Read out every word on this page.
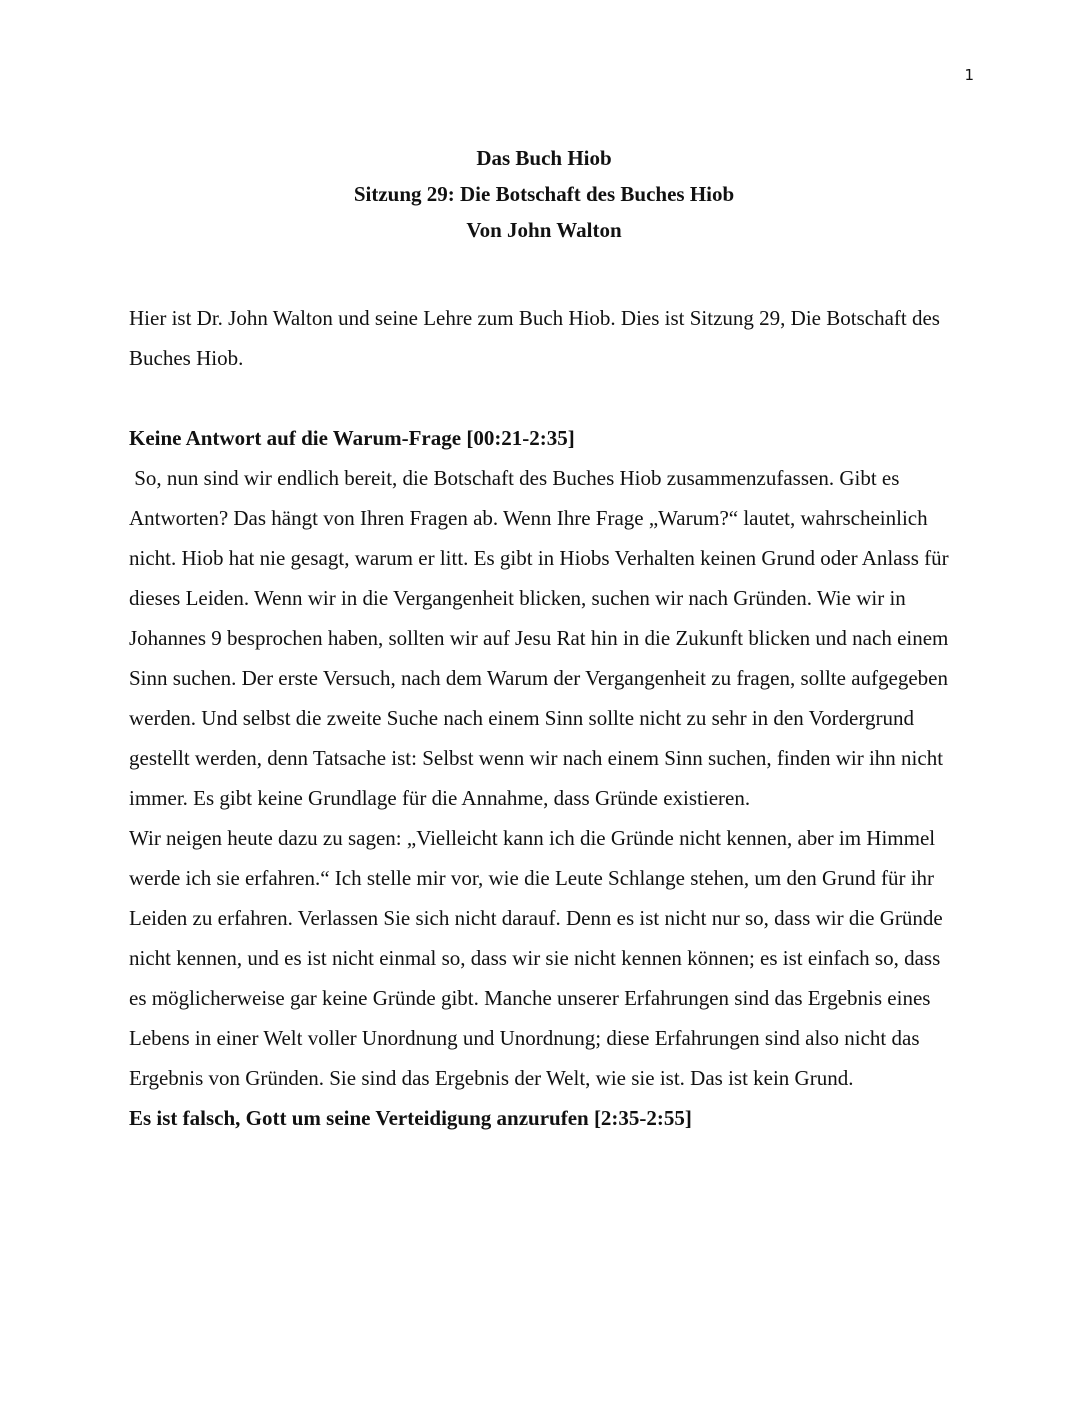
1
Das Buch Hiob
Sitzung 29: Die Botschaft des Buches Hiob
Von John Walton

Hier ist Dr. John Walton und seine Lehre zum Buch Hiob. Dies ist Sitzung 29, Die Botschaft des Buches Hiob.

Keine Antwort auf die Warum-Frage [00:21-2:35]

So, nun sind wir endlich bereit, die Botschaft des Buches Hiob zusammenzufassen. Gibt es Antworten? Das hängt von Ihren Fragen ab. Wenn Ihre Frage „Warum?“ lautet, wahrscheinlich nicht. Hiob hat nie gesagt, warum er litt. Es gibt in Hiobs Verhalten keinen Grund oder Anlass für dieses Leiden. Wenn wir in die Vergangenheit blicken, suchen wir nach Gründen. Wie wir in Johannes 9 besprochen haben, sollten wir auf Jesu Rat hin in die Zukunft blicken und nach einem Sinn suchen. Der erste Versuch, nach dem Warum der Vergangenheit zu fragen, sollte aufgegeben werden. Und selbst die zweite Suche nach einem Sinn sollte nicht zu sehr in den Vordergrund gestellt werden, denn Tatsache ist: Selbst wenn wir nach einem Sinn suchen, finden wir ihn nicht immer. Es gibt keine Grundlage für die Annahme, dass Gründe existieren.

Wir neigen heute dazu zu sagen: „Vielleicht kann ich die Gründe nicht kennen, aber im Himmel werde ich sie erfahren.“ Ich stelle mir vor, wie die Leute Schlange stehen, um den Grund für ihr Leiden zu erfahren. Verlassen Sie sich nicht darauf. Denn es ist nicht nur so, dass wir die Gründe nicht kennen, und es ist nicht einmal so, dass wir sie nicht kennen können; es ist einfach so, dass es möglicherweise gar keine Gründe gibt. Manche unserer Erfahrungen sind das Ergebnis eines Lebens in einer Welt voller Unordnung und Unordnung; diese Erfahrungen sind also nicht das Ergebnis von Gründen. Sie sind das Ergebnis der Welt, wie sie ist. Das ist kein Grund.

Es ist falsch, Gott um seine Verteidigung anzurufen [2:35-2:55]
